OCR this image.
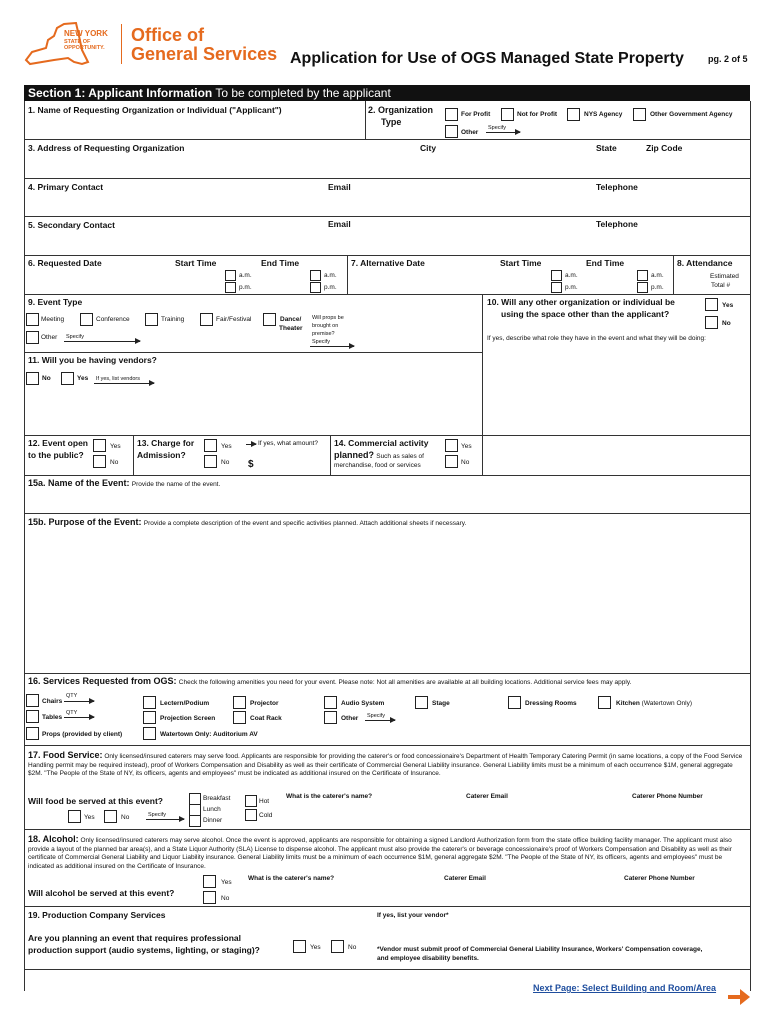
NEW YORK
STATE OF
OPPORTUNITY.
Office of
General Services Application for Use of OGS Managed State Property	pg. 2 of 5
Section 1: Applicant Information To be completed by the applicant
1. Name of Requesting Organization or Individual ("Applicant")	2. Organization
Type
For Profit	Not for Profit	NYS Agency	Other Government Agency
Other
Specify
3. Address of Requesting Organization	City	State	Zip Code
4. Primary Contact	Email	Telephone
5. Secondary Contact	Email	Telephone
6. Requested Date	Start Time	End Time
a.m.
p.m.
a.m.
p.m.
7. Alternative Date	Start Time	End Time
a.m.
p.m.
a.m.
p.m.
8. Attendance
Estimated
Total #
9. Event Type
Meeting	Conference	Training	Fair/Festival	Dance/
Theater
Will props be
brought on
premise?
Specify
Other Specify
10. Will any other organization or individual be
using the space other than the applicant?
Yes
No
If yes, describe what role they have in the event and what they will be doing:
11. Will you be having vendors?
No	Yes If yes, list vendors
12. Event open
to the public?
Yes
No
13. Charge for
Admission?
Yes
No
If yes, what amount?
$
14. Commercial activity
planned? Such as sales of
merchandise, food or services
Yes
No
15a. Name of the Event: Provide the name of the event.
15b. Purpose of the Event: Provide a complete description of the event and specific activities planned. Attach additional sheets if necessary.
16. Services Requested from OGS: Check the following amenities you need for your event. Please note: Not all amenities are available at all building locations. Additional service fees may apply.
Chairs
QTY
Tables
QTY
Props (provided by client)
Lectern/Podium
Projection Screen
Watertown Only: Auditorium AV
Projector
Coat Rack
Audio System
Other Specify
Stage	Dressing Rooms	Kitchen (Watertown Only)
17. Food Service: Only licensed/insured caterers may serve food. Applicants are responsible for providing the caterer's or food concessionaire's Department of Health Temporary Catering Permit (in same locations, a copy of the Food Service Handling permit may be required instead), proof of Workers Compensation and Disability as well as their certificate of Commercial General Liability insurance. General Liability limits must be a minimum of each occurrence $1M, general aggregate $2M. "The People of the State of NY, its officers, agents and employees" must be indicated as additional insured on the Certificate of Insurance.
Will food be served at this event?
Yes	No	Specify
Breakfast
Lunch
Dinner
Hot
Cold
What is the caterer's name?	Caterer Email	Caterer Phone Number
18. Alcohol: Only licensed/insured caterers may serve alcohol. Once the event is approved, applicants are responsible for obtaining a signed Landlord Authorization form from the state office building facility manager. The applicant must also provide a layout of the planned bar area(s), and a State Liquor Authority (SLA) License to dispense alcohol. The applicant must also provide the caterer's or beverage concessionaire's proof of Workers Compensation and Disability as well as their certificate of Commercial General Liability and Liquor Liability insurance. General Liability limits must be a minimum of each occurrence $1M, general aggregate $2M. "The People of the State of NY, its officers, agents and employees" must be indicated as additional insured on the Certificate of Insurance.
Will alcohol be served at this event?
Yes
No
What is the caterer's name?	Caterer Email	Caterer Phone Number
19. Production Company Services	If yes, list your vendor*
Are you planning an event that requires professional
production support (audio systems, lighting, or staging)?	Yes	No	*Vendor must submit proof of Commercial General Liability Insurance, Workers' Compensation coverage,
and employee disability benefits.
Next Page: Select Building and Room/Area
